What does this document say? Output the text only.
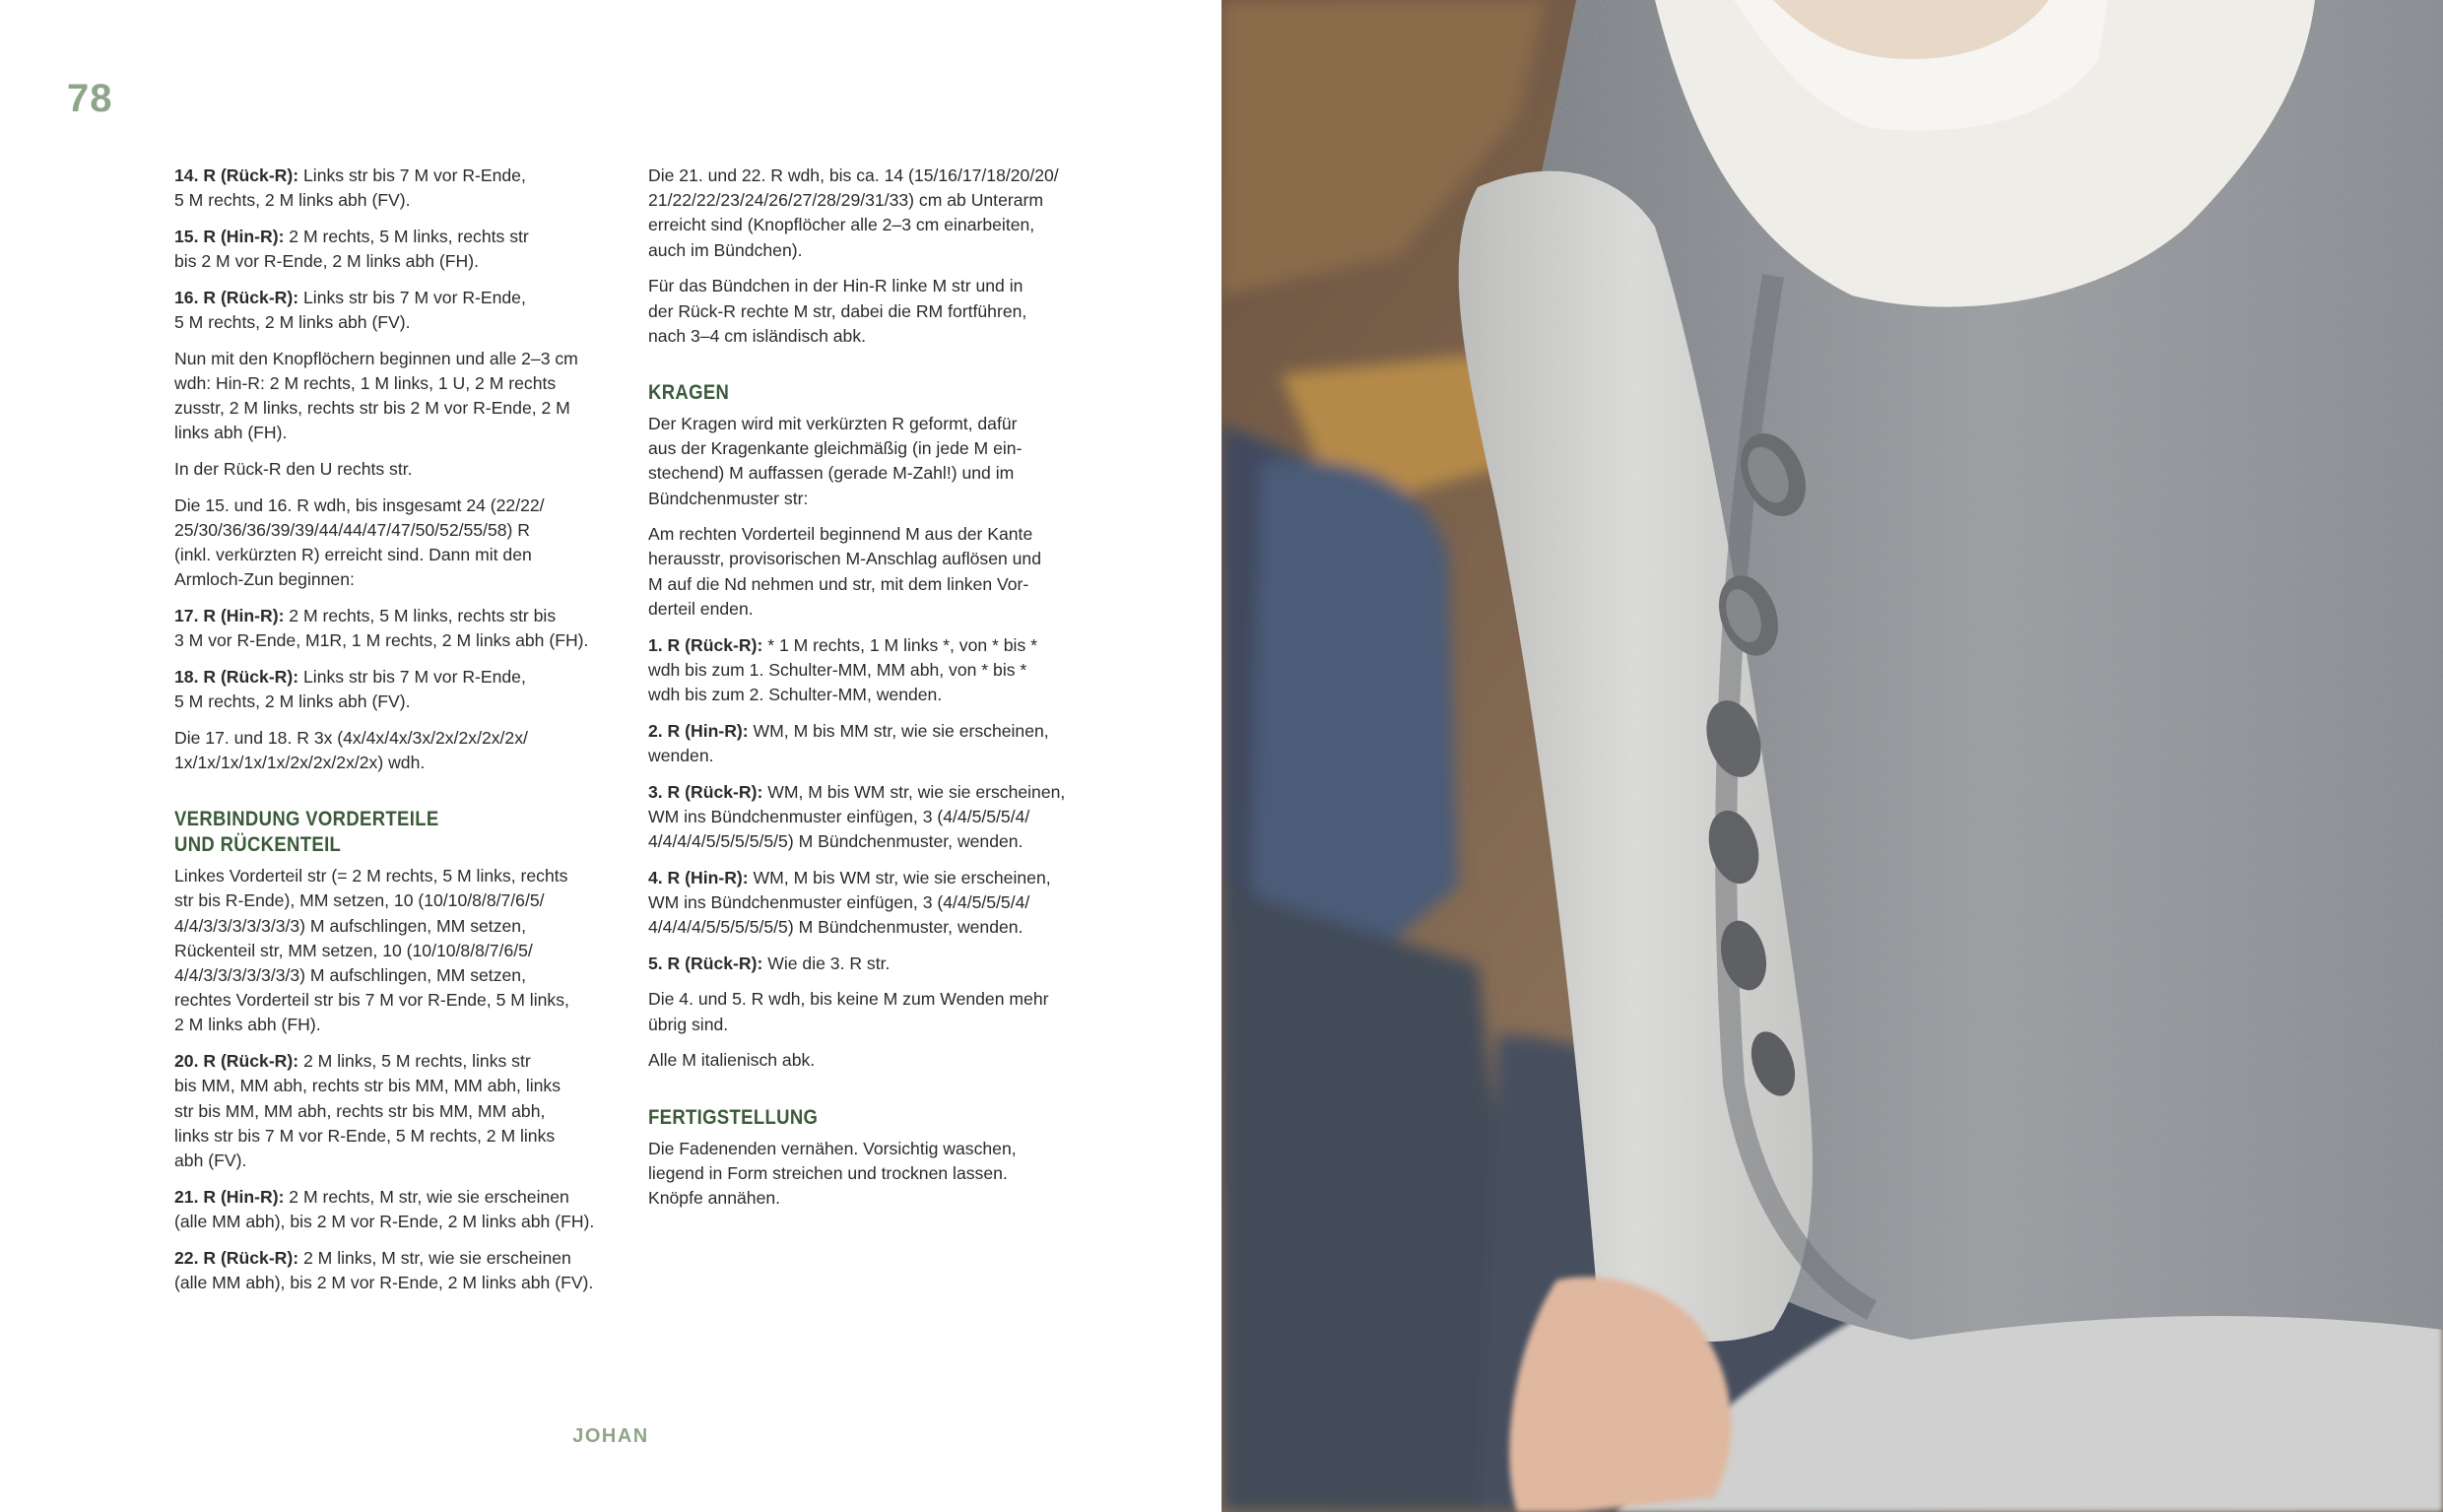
78

14. R (Rück-R): Links str bis 7 M vor R-Ende,
5 M rechts, 2 M links abh (FV).

15. R (Hin-R): 2 M rechts, 5 M links, rechts str
bis 2 M vor R-Ende, 2 M links abh (FH).

16. R (Rück-R): Links str bis 7 M vor R-Ende,
5 M rechts, 2 M links abh (FV).

Nun mit den Knopflöchern beginnen und alle 2–3 cm
wdh: Hin-R: 2 M rechts, 1 M links, 1 U, 2 M rechts
zusstr, 2 M links, rechts str bis 2 M vor R-Ende, 2 M
links abh (FH).

In der Rück-R den U rechts str.

Die 15. und 16. R wdh, bis insgesamt 24 (22/22/
25/30/36/36/39/39/44/44/47/47/50/52/55/58) R
(inkl. verkürzten R) erreicht sind. Dann mit den
Armloch-Zun beginnen:

17. R (Hin-R): 2 M rechts, 5 M links, rechts str bis
3 M vor R-Ende, M1R, 1 M rechts, 2 M links abh (FH).

18. R (Rück-R): Links str bis 7 M vor R-Ende,
5 M rechts, 2 M links abh (FV).

Die 17. und 18. R 3x (4x/4x/4x/3x/2x/2x/2x/2x/
1x/1x/1x/1x/1x/2x/2x/2x/2x) wdh.

VERBINDUNG VORDERTEILE
UND RÜCKENTEIL

Linkes Vorderteil str (= 2 M rechts, 5 M links, rechts
str bis R-Ende), MM setzen, 10 (10/10/8/8/7/6/5/
4/4/3/3/3/3/3/3/3) M aufschlingen, MM setzen,
Rückenteil str, MM setzen, 10 (10/10/8/8/7/6/5/
4/4/3/3/3/3/3/3/3) M aufschlingen, MM setzen,
rechtes Vorderteil str bis 7 M vor R-Ende, 5 M links,
2 M links abh (FH).

20. R (Rück-R): 2 M links, 5 M rechts, links str
bis MM, MM abh, rechts str bis MM, MM abh, links
str bis MM, MM abh, rechts str bis MM, MM abh,
links str bis 7 M vor R-Ende, 5 M rechts, 2 M links
abh (FV).

21. R (Hin-R): 2 M rechts, M str, wie sie erscheinen
(alle MM abh), bis 2 M vor R-Ende, 2 M links abh (FH).

22. R (Rück-R): 2 M links, M str, wie sie erscheinen
(alle MM abh), bis 2 M vor R-Ende, 2 M links abh (FV).

Die 21. und 22. R wdh, bis ca. 14 (15/16/17/18/20/20/
21/22/22/23/24/26/27/28/29/31/33) cm ab Unterarm
erreicht sind (Knopflöcher alle 2–3 cm einarbeiten,
auch im Bündchen).

Für das Bündchen in der Hin-R linke M str und in
der Rück-R rechte M str, dabei die RM fortführen,
nach 3–4 cm isländisch abk.

KRAGEN

Der Kragen wird mit verkürzten R geformt, dafür
aus der Kragenkante gleichmäßig (in jede M ein-
stechend) M auffassen (gerade M-Zahl!) und im
Bündchenmuster str:

Am rechten Vorderteil beginnend M aus der Kante
herausstr, provisorischen M-Anschlag auflösen und
M auf die Nd nehmen und str, mit dem linken Vor-
derteil enden.

1. R (Rück-R): * 1 M rechts, 1 M links *, von * bis *
wdh bis zum 1. Schulter-MM, MM abh, von * bis *
wdh bis zum 2. Schulter-MM, wenden.

2. R (Hin-R): WM, M bis MM str, wie sie erscheinen,
wenden.

3. R (Rück-R): WM, M bis WM str, wie sie erscheinen,
WM ins Bündchenmuster einfügen, 3 (4/4/5/5/5/4/
4/4/4/4/5/5/5/5/5/5) M Bündchenmuster, wenden.

4. R (Hin-R): WM, M bis WM str, wie sie erscheinen,
WM ins Bündchenmuster einfügen, 3 (4/4/5/5/5/4/
4/4/4/4/5/5/5/5/5/5) M Bündchenmuster, wenden.

5. R (Rück-R): Wie die 3. R str.

Die 4. und 5. R wdh, bis keine M zum Wenden mehr
übrig sind.

Alle M italienisch abk.

FERTIGSTELLUNG

Die Fadenenden vernähen. Vorsichtig waschen,
liegend in Form streichen und trocknen lassen.
Knöpfe annähen.

JOHAN
